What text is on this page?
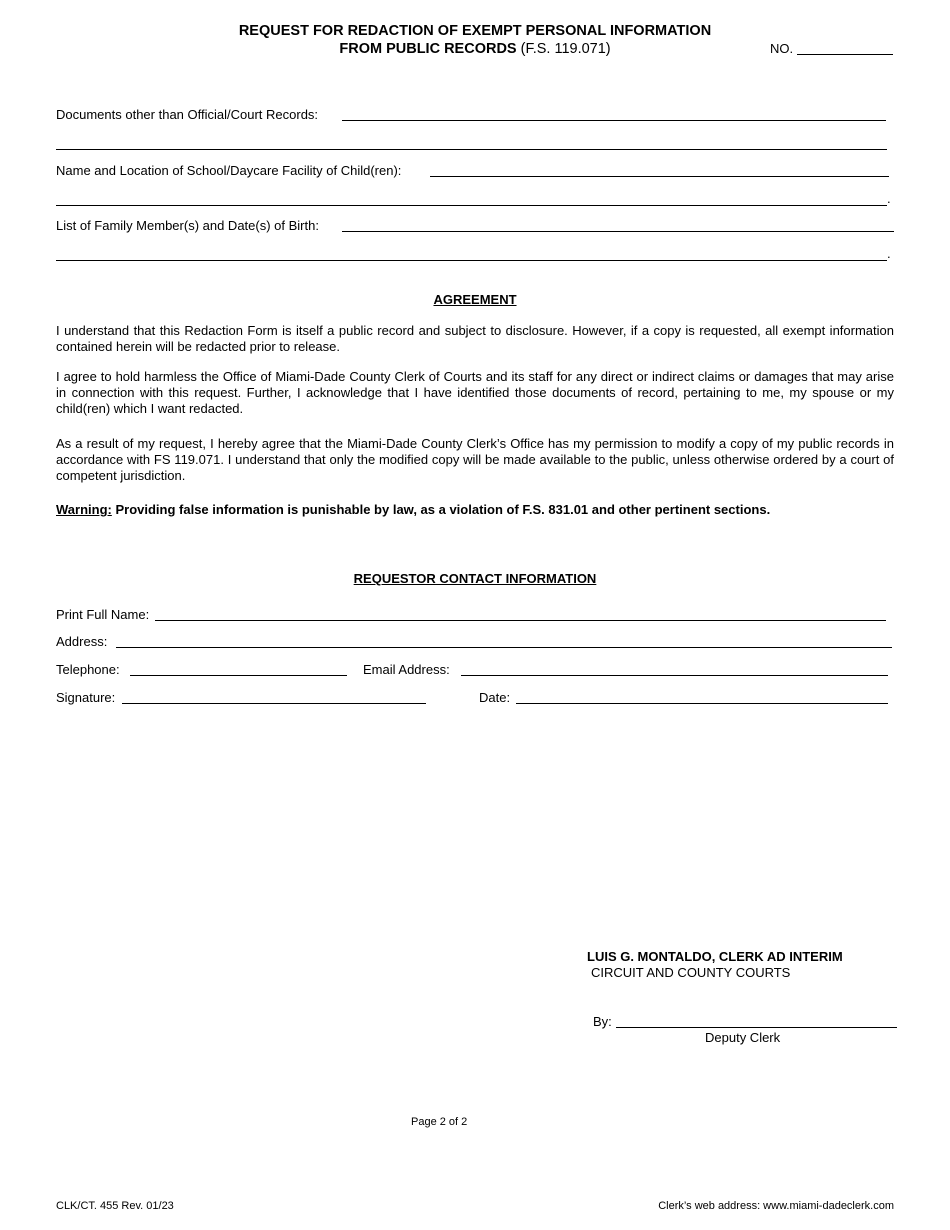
REQUEST FOR REDACTION OF EXEMPT PERSONAL INFORMATION
FROM PUBLIC RECORDS (F.S. 119.071)	NO.
Documents other than Official/Court Records:
Name and Location of School/Daycare Facility of Child(ren):
.
List of Family Member(s) and Date(s) of Birth:
.
AGREEMENT
I understand that this Redaction Form is itself a public record and subject to disclosure. However, if a copy is requested, all exempt information contained herein will be redacted prior to release.
I agree to hold harmless the Office of Miami-Dade County Clerk of Courts and its staff for any direct or indirect claims or damages that may arise in connection with this request. Further, I acknowledge that I have identified those documents of record, pertaining to me, my spouse or my child(ren) which I want redacted.
As a result of my request, I hereby agree that the Miami-Dade County Clerk’s Office has my permission to modify a copy of my public records in accordance with FS 119.071. I understand that only the modified copy will be made available to the public, unless otherwise ordered by a court of competent jurisdiction.
Warning: Providing false information is punishable by law, as a violation of F.S. 831.01 and other pertinent sections.
REQUESTOR CONTACT INFORMATION
Print Full Name:
Address:
Telephone:	Email Address:
Signature:	Date:
LUIS G. MONTALDO, CLERK AD INTERIM
CIRCUIT AND COUNTY COURTS
By:
Deputy Clerk
Page 2 of 2
CLK/CT. 455 Rev. 01/23	Clerk’s web address: www.miami-dadeclerk.com
